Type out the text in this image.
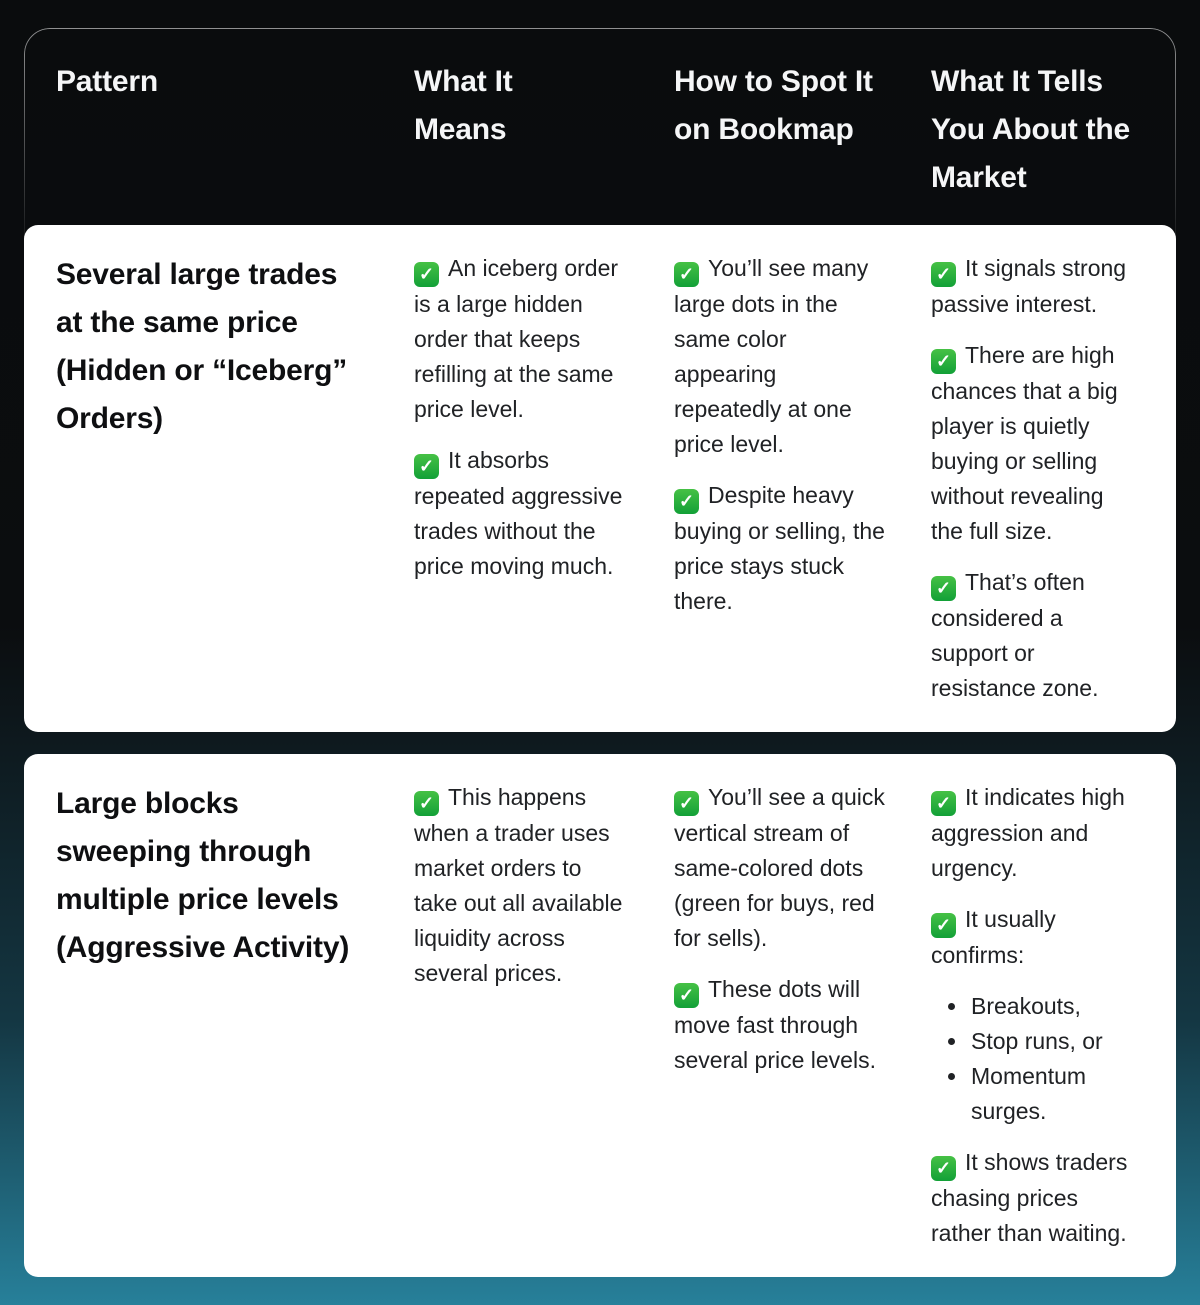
Pattern	What It
Means
How to Spot It
on Bookmap
What It Tells
You About the
Market
Several large trades at the same price (Hidden or “Iceberg” Orders)

✓ An iceberg order is a large hidden order that keeps refilling at the same price level.

✓ It absorbs repeated aggressive trades without the price moving much.

✓ You’ll see many large dots in the same color appearing repeatedly at one price level.

✓ Despite heavy buying or selling, the price stays stuck there.

✓ It signals strong passive interest.

✓ There are high chances that a big player is quietly buying or selling without revealing the full size.

✓ That’s often considered a support or resistance zone.

Large blocks sweeping through multiple price levels (Aggressive Activity)

✓ This happens when a trader uses market orders to take out all available liquidity across several prices.

✓ You’ll see a quick vertical stream of same-colored dots (green for buys, red for sells).

✓ These dots will move fast through several price levels.

✓ It indicates high aggression and urgency.

✓ It usually confirms:

• Breakouts,
• Stop runs, or
• Momentum surges.

✓ It shows traders chasing prices rather than waiting.
